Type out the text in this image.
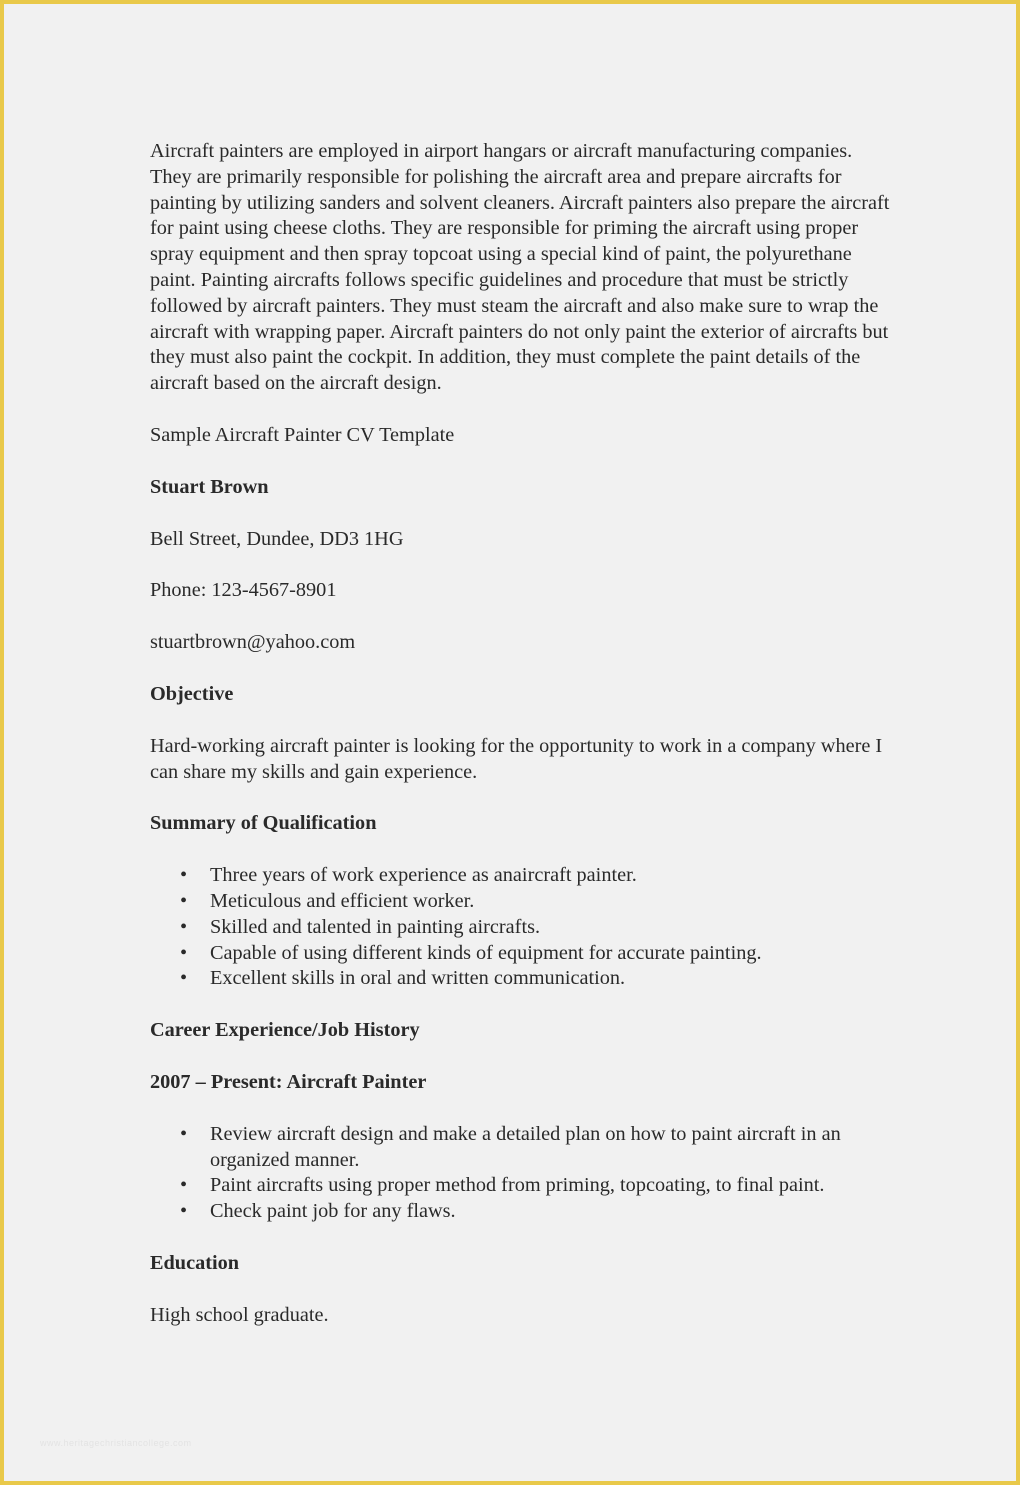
Aircraft painters are employed in airport hangars or aircraft manufacturing companies. They are primarily responsible for polishing the aircraft area and prepare aircrafts for painting by utilizing sanders and solvent cleaners. Aircraft painters also prepare the aircraft for paint using cheese cloths. They are responsible for priming the aircraft using proper spray equipment and then spray topcoat using a special kind of paint, the polyurethane paint. Painting aircrafts follows specific guidelines and procedure that must be strictly followed by aircraft painters. They must steam the aircraft and also make sure to wrap the aircraft with wrapping paper. Aircraft painters do not only paint the exterior of aircrafts but they must also paint the cockpit. In addition, they must complete the paint details of the aircraft based on the aircraft design.

Sample Aircraft Painter CV Template

Stuart Brown

Bell Street, Dundee, DD3 1HG

Phone: 123-4567-8901

stuartbrown@yahoo.com

Objective

Hard-working aircraft painter is looking for the opportunity to work in a company where I can share my skills and gain experience.

Summary of Qualification

• Three years of work experience as anaircraft painter.
• Meticulous and efficient worker.
• Skilled and talented in painting aircrafts.
• Capable of using different kinds of equipment for accurate painting.
• Excellent skills in oral and written communication.

Career Experience/Job History

2007 – Present: Aircraft Painter

• Review aircraft design and make a detailed plan on how to paint aircraft in an organized manner.
• Paint aircrafts using proper method from priming, topcoating, to final paint.
• Check paint job for any flaws.

Education

High school graduate.

www.heritagechristiancollege.com
